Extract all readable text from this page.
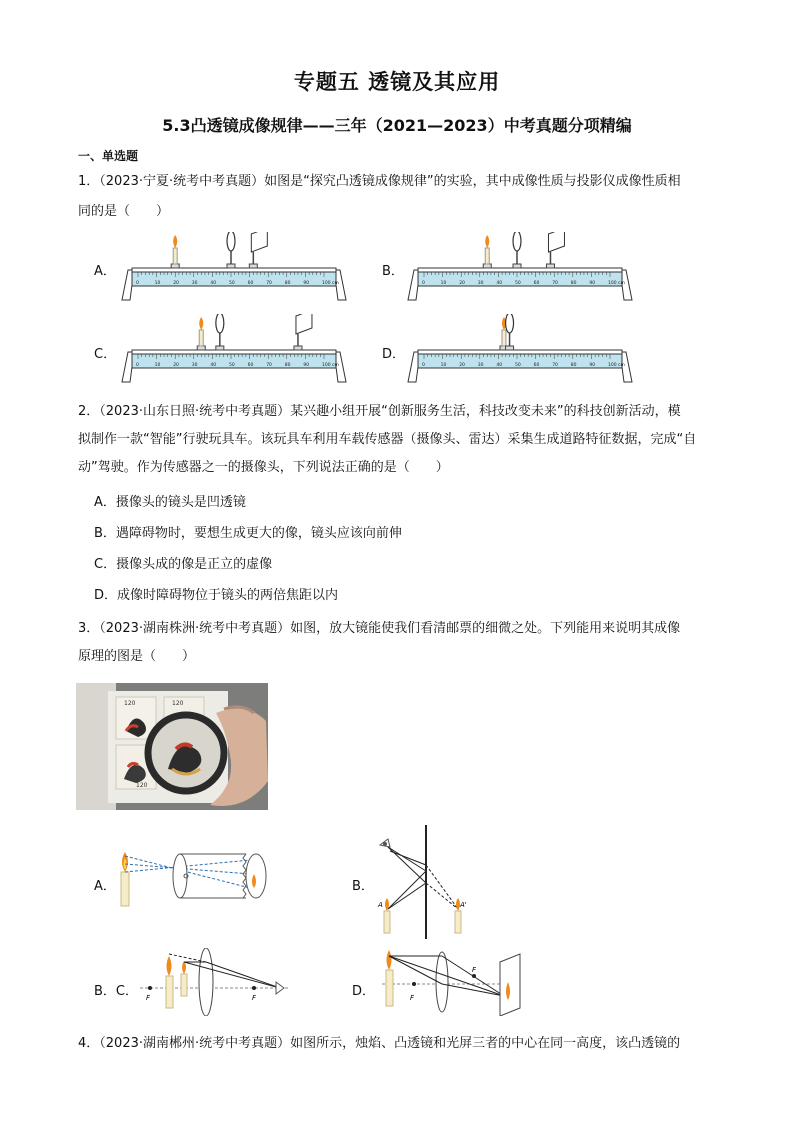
专题五 透镜及其应用
5.3凸透镜成像规律——三年（2021—2023）中考真题分项精编
一、单选题
1．（2023·宁夏·统考中考真题）如图是“探究凸透镜成像规律”的实验，其中成像性质与投影仪成像性质相
同的是（　　）
A．	B．
C．	D．
0	10	20	30	40	50	60	70	80	90	100 cm	0	10	20	30	40	50	60	70	80	90	100 cm
0	10	20	30	40	50	60	70	80	90	100 cm	0	10	20	30	40	50	60	70	80	90	100 cm
2．（2023·山东日照·统考中考真题）某兴趣小组开展“创新服务生活，科技改变未来”的科技创新活动，模
拟制作一款“智能”行驶玩具车。该玩具车利用车载传感器（摄像头、雷达）采集生成道路特征数据，完成“自
动”驾驶。作为传感器之一的摄像头，下列说法正确的是（　　）
A．摄像头的镜头是凹透镜
B．遇障碍物时，要想生成更大的像，镜头应该向前伸
C．摄像头成的像是正立的虚像
D．成像时障碍物位于镜头的两倍焦距以内
3．（2023·湖南株洲·统考中考真题）如图，放大镜能使我们看清邮票的细微之处。下列能用来说明其成像
原理的图是（　　）
120	120
120
A．	B．
B．C．	D．
A	A'
F	F	F
F
4．（2023·湖南郴州·统考中考真题）如图所示，烛焰、凸透镜和光屏三者的中心在同一高度，该凸透镜的
